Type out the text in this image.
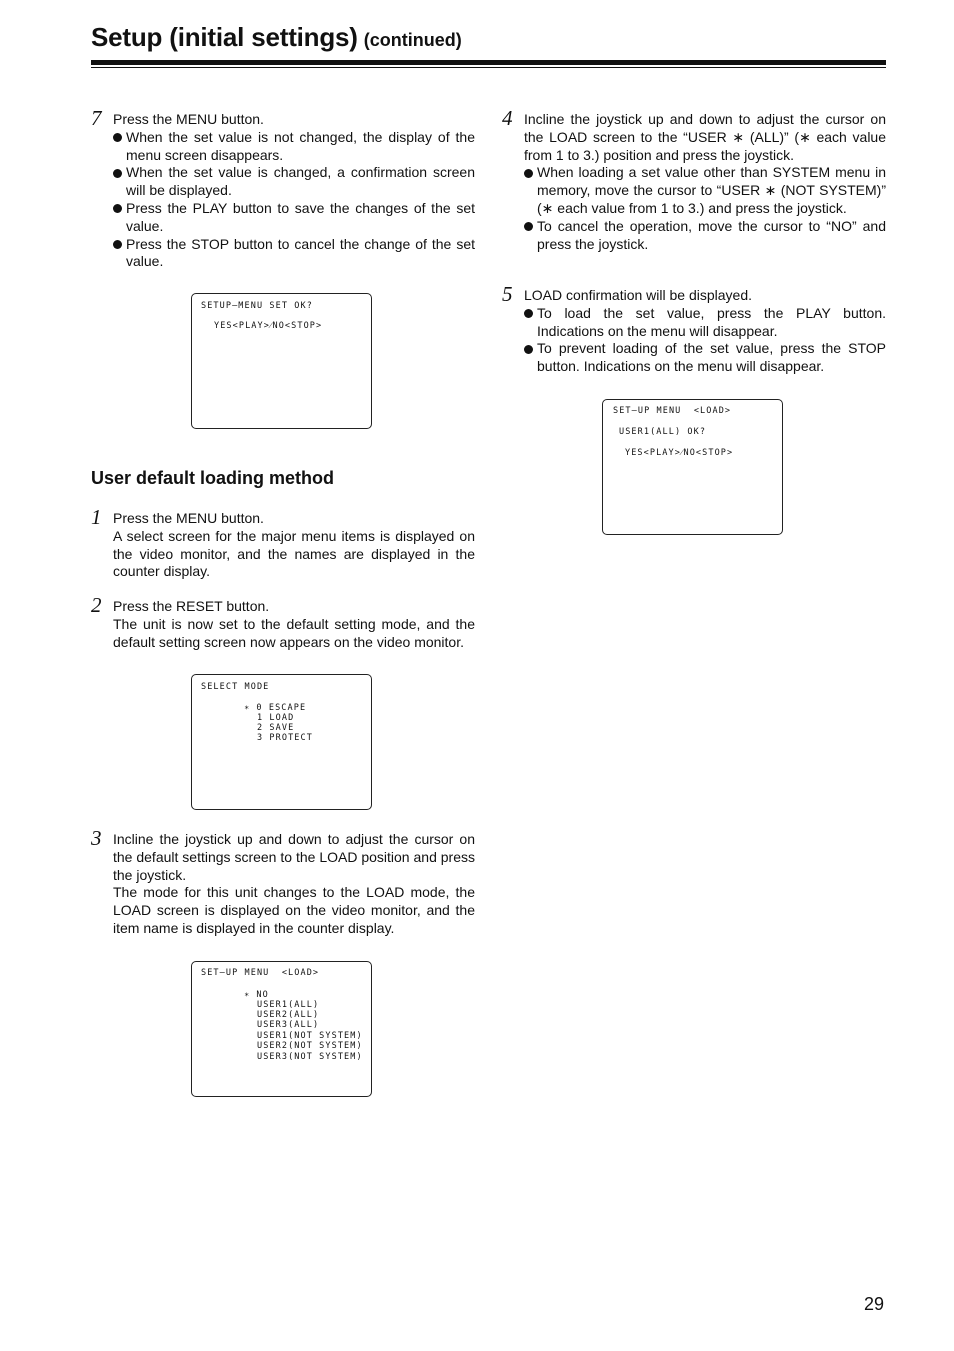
Setup (initial settings) (continued)
7 Press the MENU button.

When the set value is not changed, the display of the menu screen disappears.
When the set value is changed, a confirmation screen will be displayed.
Press the PLAY button to save the changes of the set value.
Press the STOP button to cancel the change of the set value.
SETUP–MENU SET OK?
YES<PLAY>⁄NO<STOP>
User default loading method
1 Press the MENU button.

A select screen for the major menu items is displayed on the video monitor, and the names are displayed in the counter display.

2 Press the RESET button.

The unit is now set to the default setting mode, and the default setting screen now appears on the video monitor.

SELECT MODE
∗ 0 ESCAPE
1 LOAD
2 SAVE
3 PROTECT
3 Incline the joystick up and down to adjust the cursor on the default settings screen to the LOAD position and press the joystick.

The mode for this unit changes to the LOAD mode, the LOAD screen is displayed on the video monitor, and the item name is displayed in the counter display.

SET–UP MENU  <LOAD>
∗ NO
USER1(ALL)
USER2(ALL)
USER3(ALL)
USER1(NOT SYSTEM)
USER2(NOT SYSTEM)
USER3(NOT SYSTEM)
4 Incline the joystick up and down to adjust the cursor on the LOAD screen to the “USER ∗ (ALL)” (∗ each value from 1 to 3.) position and press the joystick.

When loading a set value other than SYSTEM menu in memory, move the cursor to “USER ∗ (NOT SYSTEM)” (∗ each value from 1 to 3.) and press the joystick.
To cancel the operation, move the cursor to “NO” and press the joystick.
5 LOAD confirmation will be displayed.

To load the set value, press the PLAY button. Indications on the menu will disappear.
To prevent loading of the set value, press the STOP button. Indications on the menu will disappear.
SET–UP MENU  <LOAD>
USER1(ALL) OK?
YES<PLAY>⁄NO<STOP>
29
